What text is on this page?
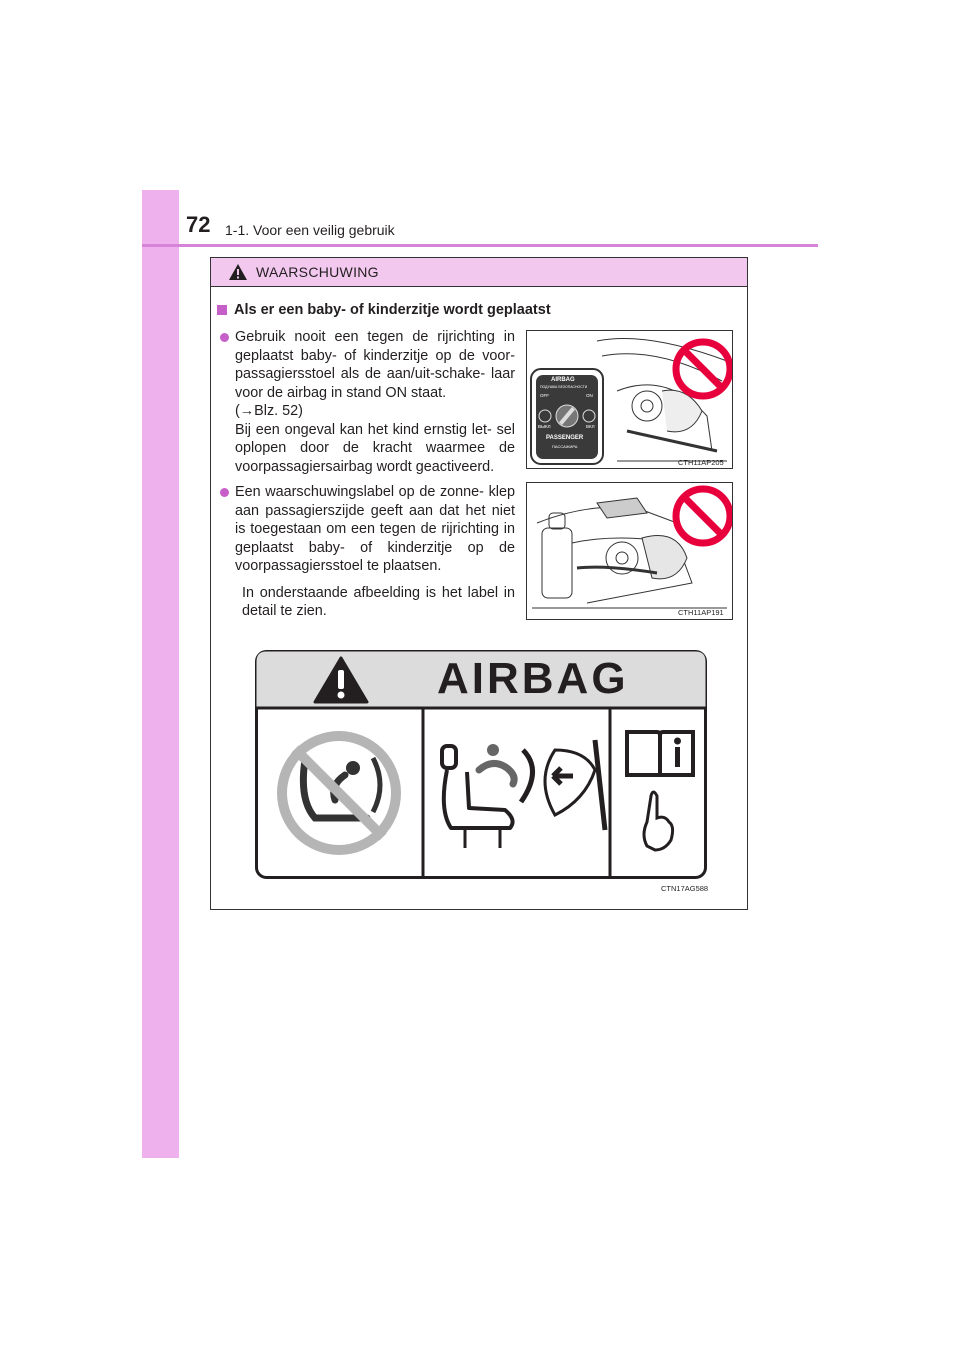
72 1-1. Voor een veilig gebruik
WAARSCHUWING
Als er een baby- of kinderzitje wordt geplaatst

Gebruik nooit een tegen de rijrichting in geplaatst baby- of kinderzitje op de voor- passagiersstoel als de aan/uit-schake- laar voor de airbag in stand ON staat.

(→Blz. 52)

Bij een ongeval kan het kind ernstig let- sel oplopen door de kracht waarmee de voorpassagiersairbag wordt geactiveerd.

Een waarschuwingslabel op de zonne- klep aan passagierszijde geeft aan dat het niet is toegestaan om een tegen de rijrichting in geplaatst baby- of kinderzitje op de voorpassagiersstoel te plaatsen.

In onderstaande afbeelding is het label in detail te zien.

AIRBAG
ПОДУШКА БЕЗОПАСНОСТИ
OFF	ON
ВЫКЛ	ВКЛ
PASSENGER
ПАССАЖИРА
CTH11AP205
CTH11AP191
AIRBAG
CTN17AG588
